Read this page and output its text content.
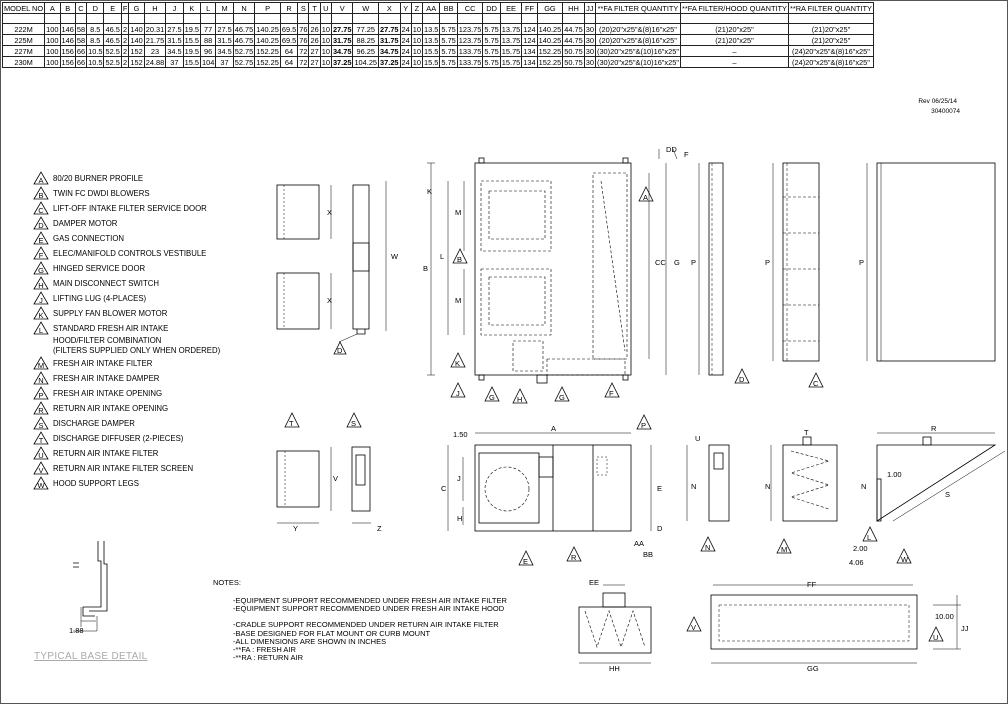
MODEL NO	A	B	C	D	E	F	G	H	J	K	L	M	N	P	R	S	T	U	V	W	X	Y	Z	AA	BB	CC	DD	EE	FF	GG	HH	JJ	**FA FILTER QUANTITY	**FA FILTER/HOOD QUANTITY	**RA FILTER QUANTITY

222M	100	146	58	8.5	46.5	2	140	20.31	27.5	19.5	77	27.5	46.75	140.25	69.5	76	26	10	27.75	77.25	27.75	24	10	13.5	5.75	123.75	5.75	13.75	124	140.25	44.75	30	(20)20"x25"&(8)16"x25"	(21)20"x25"	(21)20"x25"
225M	100	146	58	8.5	46.5	2	140	21.75	31.5	15.5	88	31.5	46.75	140.25	69.5	76	26	10	31.75	88.25	31.75	24	10	13.5	5.75	123.75	5.75	13.75	124	140.25	44.75	30	(20)20"x25"&(8)16"x25"	(21)20"x25"	(21)20"x25"
227M	100	156	66	10.5	52.5	2	152	23	34.5	19.5	96	34.5	52.75	152.25	64	72	27	10	34.75	96.25	34.75	24	10	15.5	5.75	133.75	5.75	15.75	134	152.25	50.75	30	(30)20"x25"&(10)16"x25"	–	(24)20"x25"&(8)16"x25"
230M	100	156	66	10.5	52.5	2	152	24.88	37	15.5	104	37	52.75	152.25	64	72	27	10	37.25	104.25	37.25	24	10	15.5	5.75	133.75	5.75	15.75	134	152.25	50.75	30	(30)20"x25"&(10)16"x25"	–	(24)20"x25"&(8)16"x25"
Rev 06/25/14
30400074
A	80/20 BURNER PROFILE
B	TWIN FC DWDI BLOWERS
C	LIFT-OFF INTAKE FILTER SERVICE DOOR
D	DAMPER MOTOR
E	GAS CONNECTION
F	ELEC/MANIFOLD CONTROLS VESTIBULE
G	HINGED SERVICE DOOR
H	MAIN DISCONNECT SWITCH
J	LIFTING LUG (4-PLACES)
K	SUPPLY FAN BLOWER MOTOR
L	STANDARD FRESH AIR INTAKE
HOOD/FILTER COMBINATION
(FILTERS SUPPLIED ONLY WHEN ORDERED)
M	FRESH AIR INTAKE FILTER
N	FRESH AIR INTAKE DAMPER
P	FRESH AIR INTAKE OPENING
R	RETURN AIR INTAKE OPENING
S	DISCHARGE DAMPER
T	DISCHARGE DIFFUSER (2-PIECES)
U	RETURN AIR INTAKE FILTER
V	RETURN AIR INTAKE FILTER SCREEN
W	HOOD SUPPORT LEGS
NOTES:
-EQUIPMENT SUPPORT RECOMMENDED UNDER FRESH AIR INTAKE FILTER
-EQUIPMENT SUPPORT RECOMMENDED UNDER FRESH AIR INTAKE HOOD
-CRADLE SUPPORT RECOMMENDED UNDER RETURN AIR INTAKE FILTER
-BASE DESIGNED FOR FLAT MOUNT OR CURB MOUNT
-ALL DIMENSIONS ARE SHOWN IN INCHES
-**FA : FRESH AIR
-**RA : RETURN AIR
TYPICAL BASE DETAIL
1.88
X
X
W
D
B
K
L
M
M
CC G
DD
F
A
B
K
J	G	H	G	F
P
D
P
C
P
Y
V
Z
T	S
A
1.50
C
J
H
E
D
AA
BB
P
E	R
U
N
N
T
N
M
R
N
S
1.00
2.00
4.06
L
W
EE
HH
FF
GG
10.00
JJ
V
U
